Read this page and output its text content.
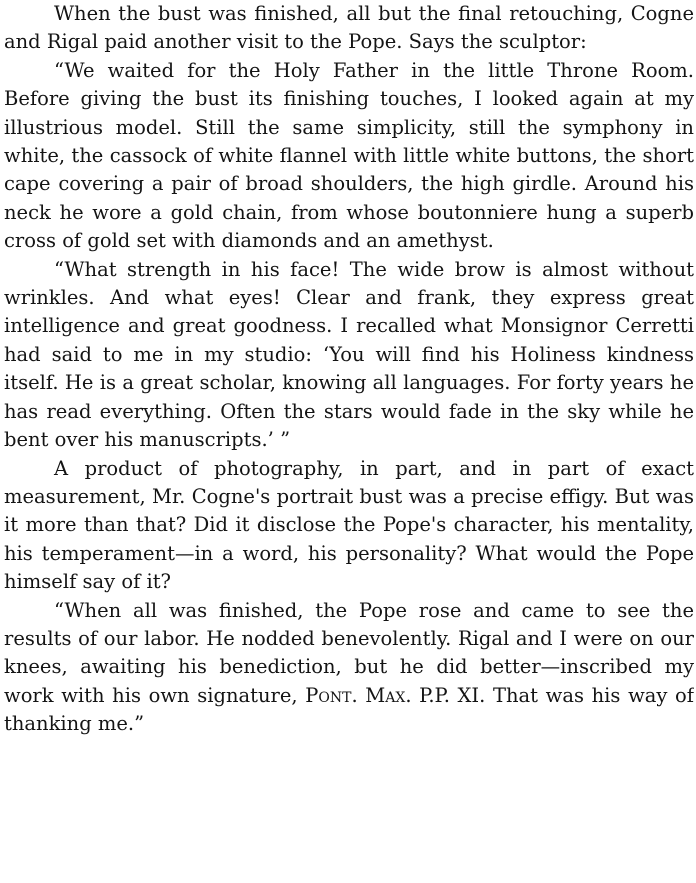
When the bust was finished, all but the final retouching, Cogne and Rigal paid another visit to the Pope. Says the sculptor:

“We waited for the Holy Father in the little Throne Room. Before giving the bust its finishing touches, I looked again at my illustrious model. Still the same simplicity, still the symphony in white, the cassock of white flannel with little white buttons, the short cape covering a pair of broad shoulders, the high girdle. Around his neck he wore a gold chain, from whose boutonniere hung a superb cross of gold set with diamonds and an amethyst.

“What strength in his face! The wide brow is almost without wrinkles. And what eyes! Clear and frank, they express great intelligence and great goodness. I recalled what Monsignor Cerretti had said to me in my studio: ‘You will find his Holiness kindness itself. He is a great scholar, knowing all languages. For forty years he has read everything. Often the stars would fade in the sky while he bent over his manuscripts.’ ”

A product of photography, in part, and in part of exact measurement, Mr. Cogne's portrait bust was a precise effigy. But was it more than that? Did it disclose the Pope's character, his mentality, his temperament—in a word, his personality? What would the Pope himself say of it?

“When all was finished, the Pope rose and came to see the results of our labor. He nodded benevolently. Rigal and I were on our knees, awaiting his benediction, but he did better—inscribed my work with his own signature, Pont. Max. P.P. XI. That was his way of thanking me.”
